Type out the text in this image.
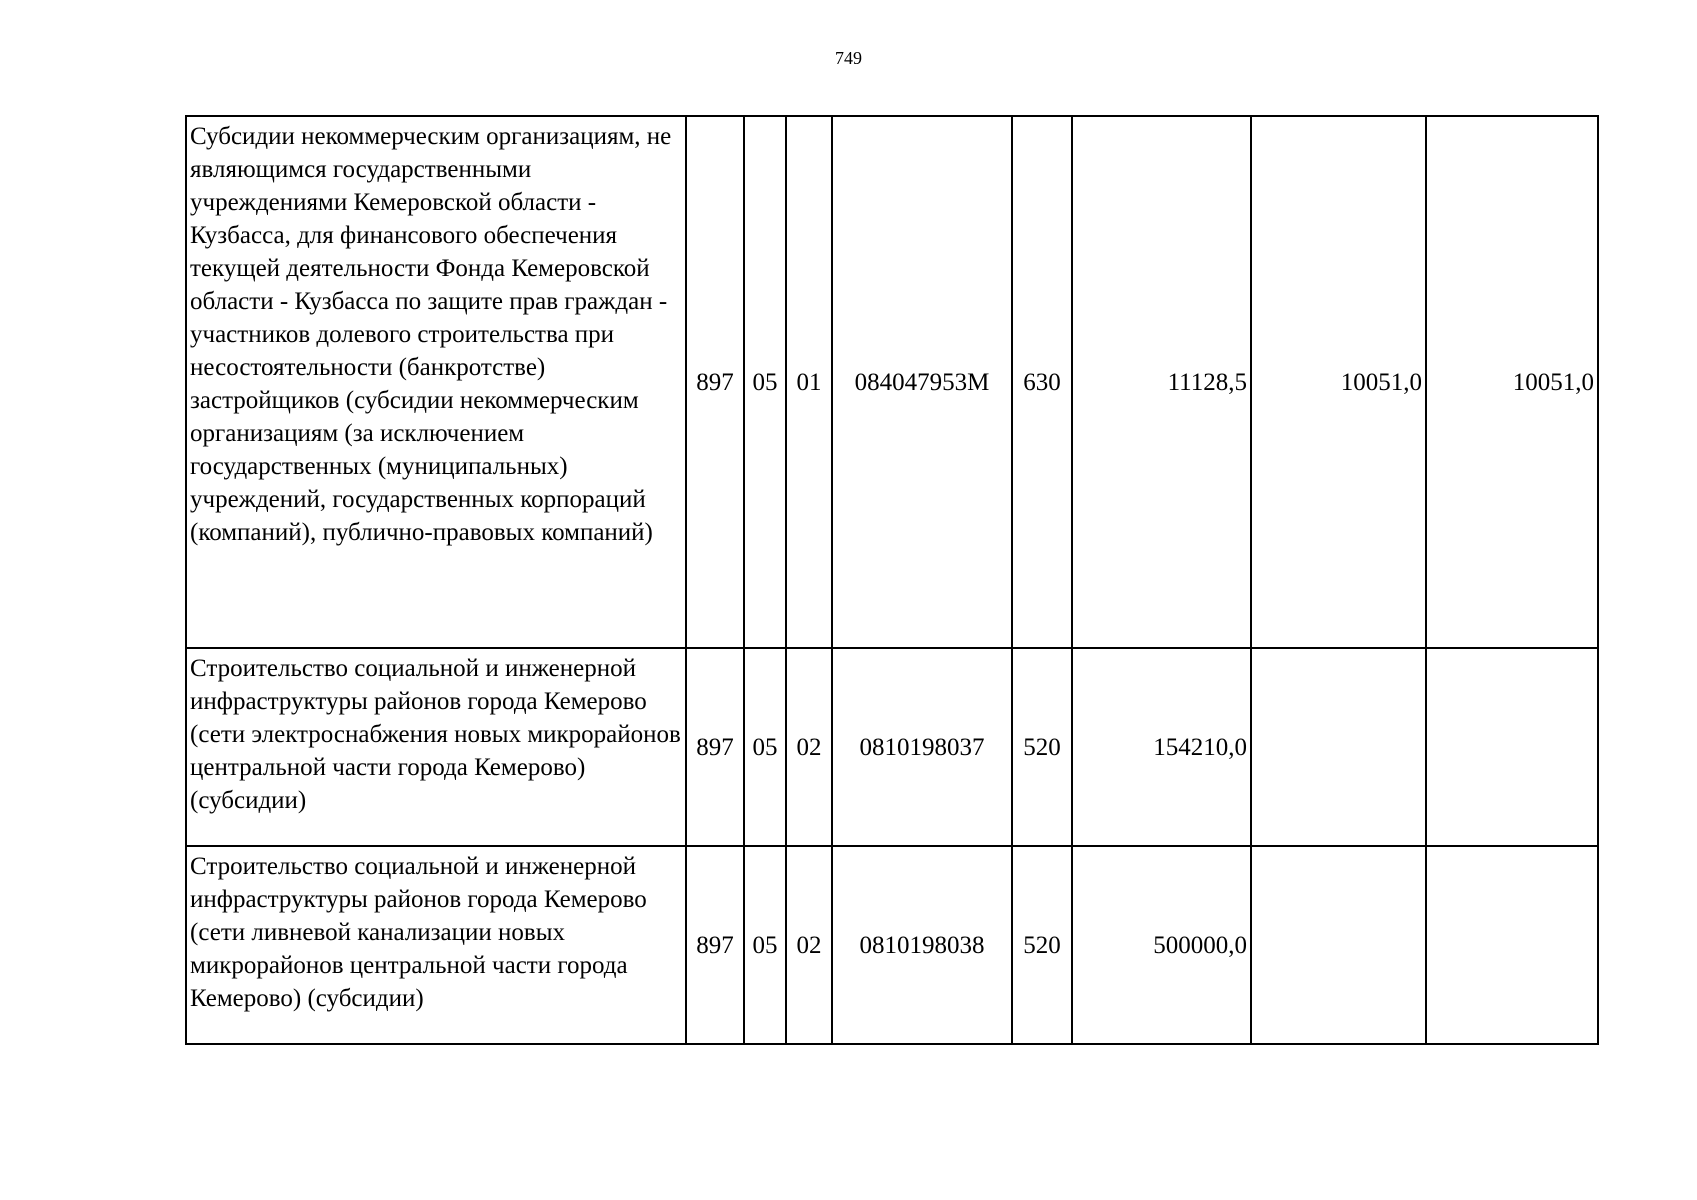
749
Субсидии некоммерческим организациям, не являющимся государственными учреждениями Кемеровской области - Кузбасса, для финансового обеспечения текущей деятельности Фонда Кемеровской области - Кузбасса по защите прав граждан - участников долевого строительства при несостоятельности (банкротстве) застройщиков (субсидии некоммерческим организациям (за исключением государственных (муниципальных) учреждений, государственных корпораций (компаний), публично-правовых компаний)	897	05	01	084047953М	630	11128,5	10051,0	10051,0
Строительство социальной и инженерной инфраструктуры районов города Кемерово (сети электроснабжения новых микрорайонов центральной части города Кемерово) (субсидии)	897	05	02	0810198037	520	154210,0		
Строительство социальной и инженерной инфраструктуры районов города Кемерово (сети ливневой канализации новых микрорайонов центральной части города Кемерово) (субсидии)	897	05	02	0810198038	520	500000,0		
